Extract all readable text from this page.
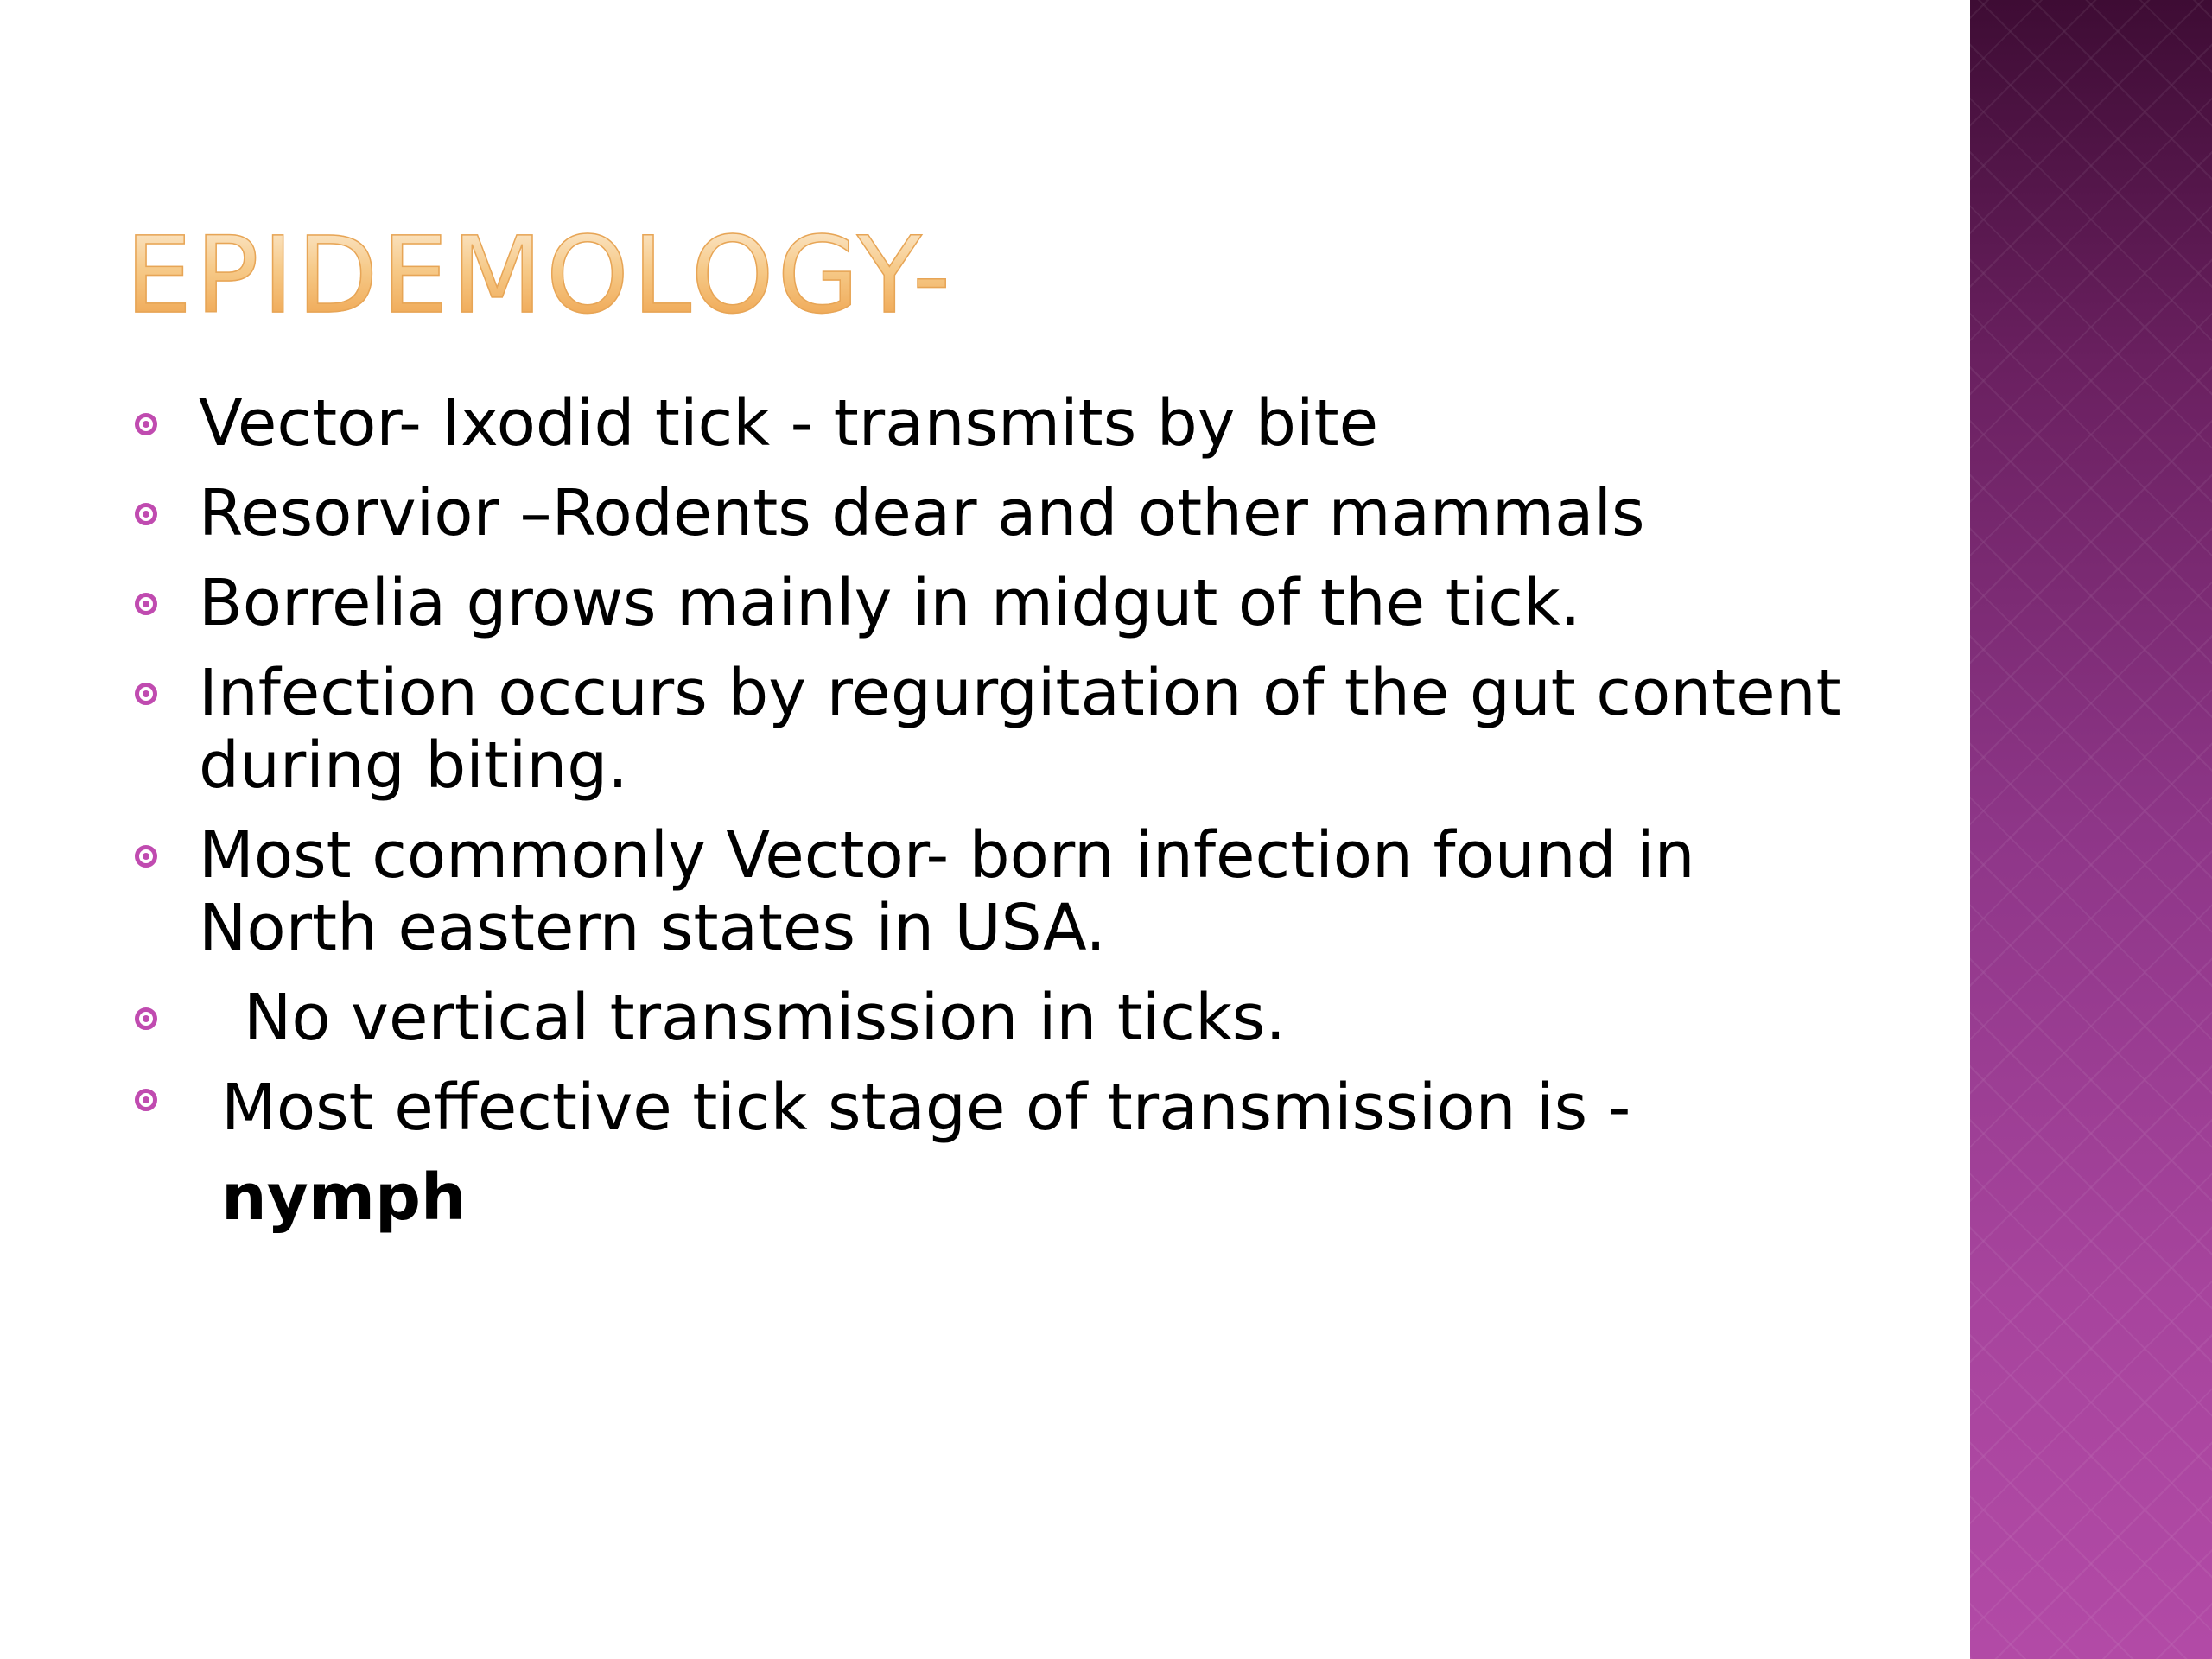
EPIDEMOLOGY-
Vector- Ixodid tick - transmits by bite
Resorvior –Rodents dear and other mammals
Borrelia grows mainly in midgut of the tick.
Infection occurs by regurgitation of the gut content during biting.
Most commonly Vector- born infection found in North eastern states in USA.
No vertical transmission in ticks.
Most effective tick stage of transmission is -
nymph
